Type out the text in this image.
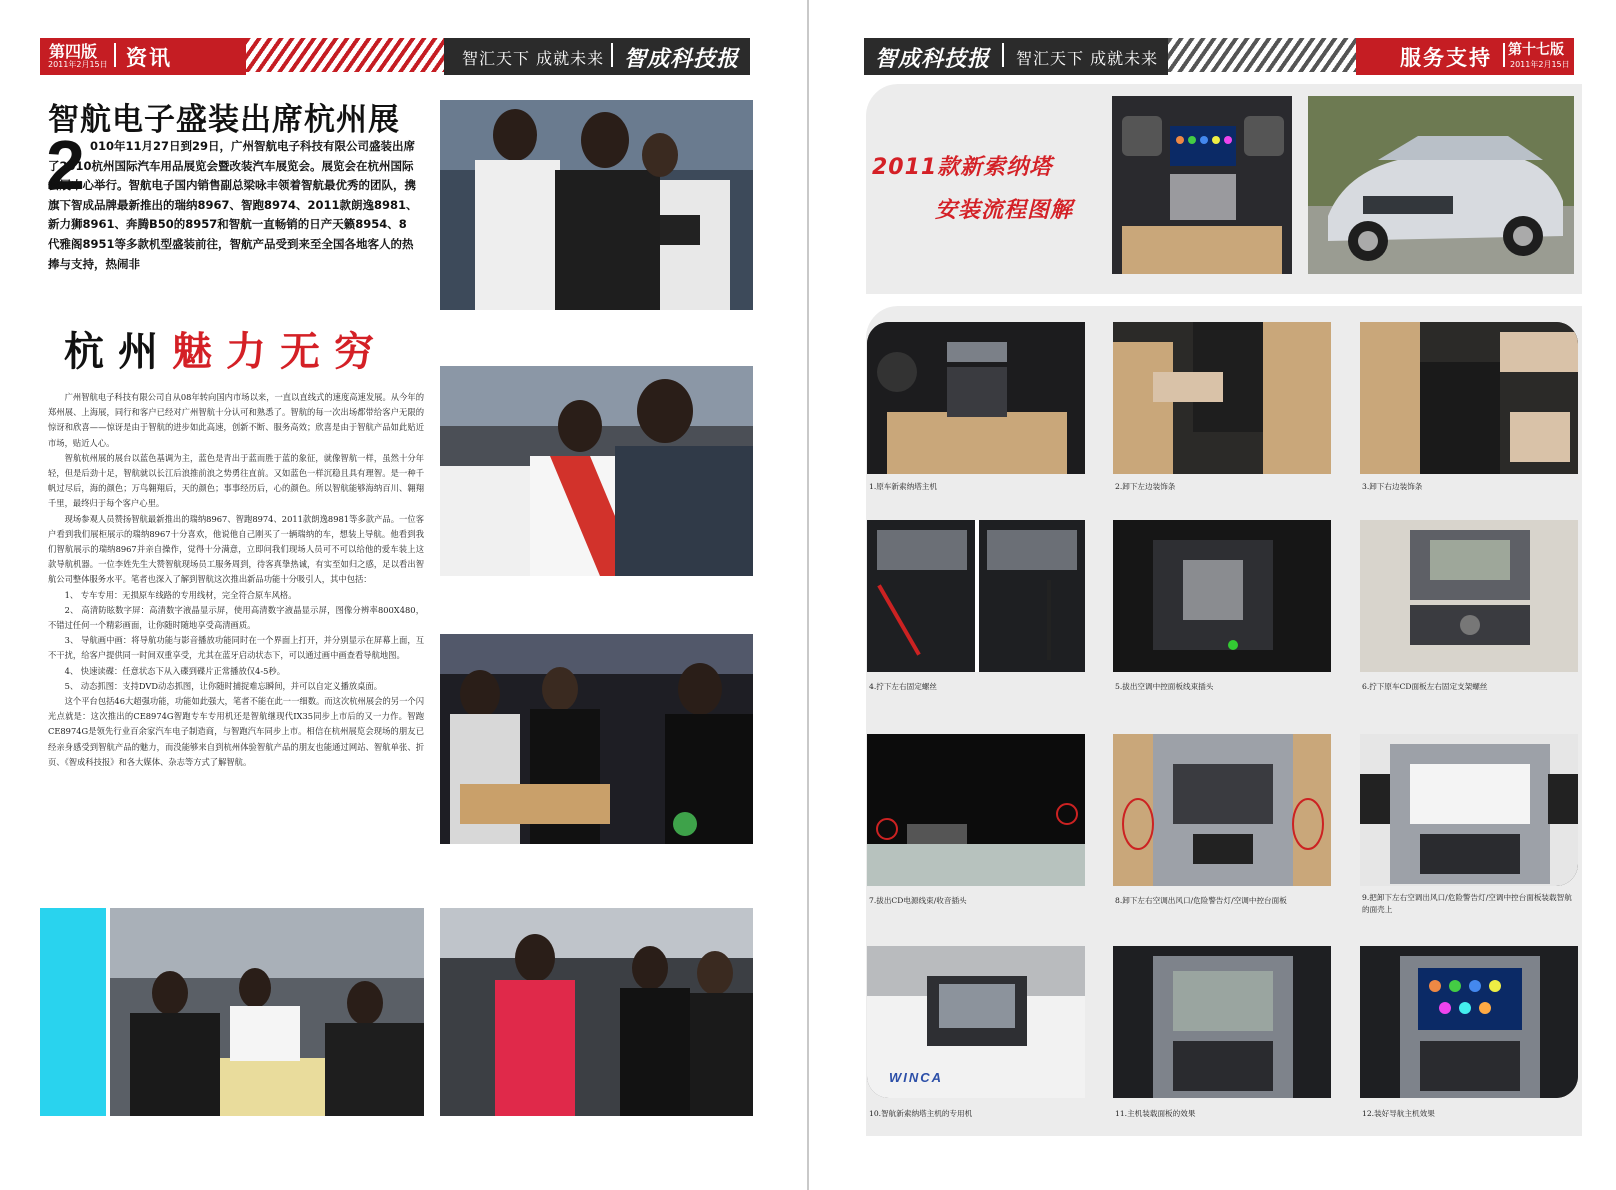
第四版
2011年2月15日 资讯	智汇天下 成就未来 智成科技报
智航电子盛装出席杭州展
2 010年11月27日到29日，广州智航电子科技有限公司盛装出席了2010杭州国际汽车用品展览会暨改装汽车展览会。展览会在杭州国际会展中心举行。智航电子国内销售副总梁咏丰领着智航最优秀的团队，携旗下智成品牌最新推出的瑞纳8967、智跑8974、2011款朗逸8981、新力狮8961、奔腾B50的8957和智航一直畅销的日产天籁8954、8代雅阁8951等多款机型盛装前往，智航产品受到来至全国各地客人的热捧与支持，热闹非
杭州魅力无穷

广州智航电子科技有限公司自从08年转向国内市场以来，一直以直线式的速度高速发展。从今年的郑州展、上海展，同行和客户已经对广州智航十分认可和熟悉了。智航的每一次出场都带给客户无限的惊讶和欣喜——惊讶是由于智航的进步如此高速，创新不断、服务高效；欣喜是由于智航产品如此贴近市场，贴近人心。

智航杭州展的展台以蓝色基调为主，蓝色是青出于蓝而胜于蓝的象征，就像智航一样，虽然十分年轻，但是后劲十足，智航就以长江后浪推前浪之势勇往直前。又如蓝色一样沉稳且具有理智。是一种千帆过尽后，海的颜色；万鸟翱翔后，天的颜色；事事经历后，心的颜色。所以智航能够海纳百川、翱翔千里，最终归于每个客户心里。

现场参观人员赞扬智航最新推出的瑞纳8967、智跑8974、2011款朗逸8981等多款产品。一位客户看到我们展柜展示的瑞纳8967十分喜欢，他说他自己刚买了一辆瑞纳的车，想装上导航。他看到我们智航展示的瑞纳8967并亲自操作，觉得十分满意，立即问我们现场人员可不可以给他的爱车装上这款导航机器。一位李姓先生大赞智航现场员工服务周到，待客真挚热诚，有实至如归之感，足以看出智航公司整体服务水平。笔者也深入了解到智航这次推出新品功能十分吸引人，其中包括：

1、 专车专用：无损原车线路的专用线材，完全符合原车风格。

2、 高清防眩数字屏：高清数字液晶显示屏，使用高清数字液晶显示屏，图像分辨率800X480，不错过任何一个精彩画面，让你随时随地享受高清画质。

3、 导航画中画：将导航功能与影音播放功能同时在一个界面上打开，并分别显示在屏幕上面，互不干扰，给客户提供同一时间双重享受，尤其在蓝牙启动状态下，可以通过画中画查看导航地图。

4、 快速读碟：任意状态下从入碟到碟片正常播放仅4-5秒。

5、 动态抓图：支持DVD动态抓图，让你随时捕捉难忘瞬间，并可以自定义播放桌面。

这个平台包括46大超强功能，功能如此强大，笔者不能在此一一细数。而这次杭州展会的另一个闪光点就是：这次推出的CE8974G智跑专车专用机还是智航继现代IX35同步上市后的又一力作。智跑CE8974G是领先行业百余家汽车电子制造商，与智跑汽车同步上市。相信在杭州展览会现场的朋友已经亲身感受到智航产品的魅力，而没能够来自到杭州体验智航产品的朋友也能通过网站、智航单张、折页、《智成科技报》和各大媒体、杂志等方式了解智航。

智成科技报 智汇天下 成就未来	服务支持 第十七版
2011年2月15日
2011款新索纳塔
安装流程图解
1.原车新索纳塔主机	2.卸下左边装饰条	3.卸下右边装饰条
4.拧下左右固定螺丝	5.拔出空调中控面板线束插头	6.拧下原车CD面板左右固定支架螺丝
7.拔出CD电源线束/收音插头	8.卸下左右空调出风口/危险警告灯/空调中控台面板	9.把卸下左右空调出风口/危险警告灯/空调中控台面板装载智航的面壳上
WINCA
10.智航新索纳塔主机的专用机	11.主机装载面板的效果	12.装好导航主机效果
